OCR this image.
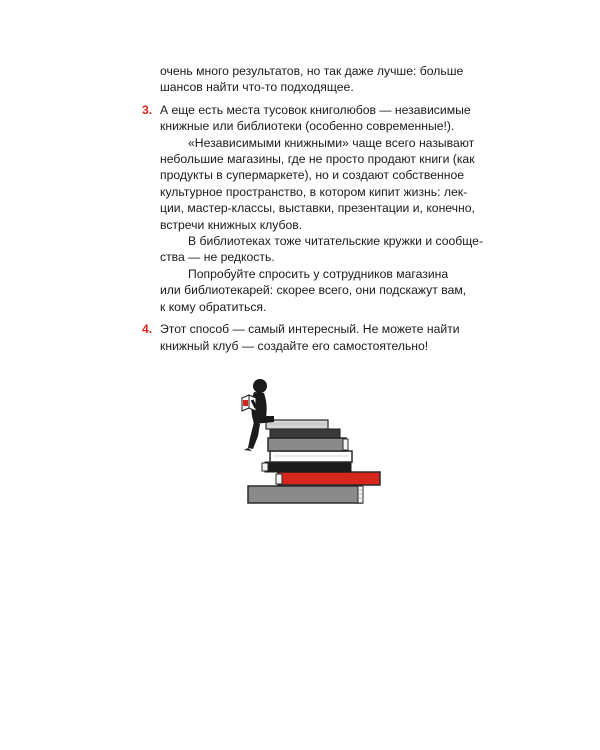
очень много результатов, но так даже лучше: больше
шансов найти что-то подходящее.
3. А еще есть места тусовок книголюбов — независимые
книжные или библиотеки (особенно современные!).
«Независимыми книжными» чаще всего называют
небольшие магазины, где не просто продают книги (как
продукты в супермаркете), но и создают собственное
культурное пространство, в котором кипит жизнь: лек-
ции, мастер-классы, выставки, презентации и, конечно,
встречи книжных клубов.
В библиотеках тоже читательские кружки и сообще-
ства — не редкость.
Попробуйте спросить у сотрудников магазина
или библиотекарей: скорее всего, они подскажут вам,
к кому обратиться.
4. Этот способ — самый интересный. Не можете найти
книжный клуб — создайте его самостоятельно!
